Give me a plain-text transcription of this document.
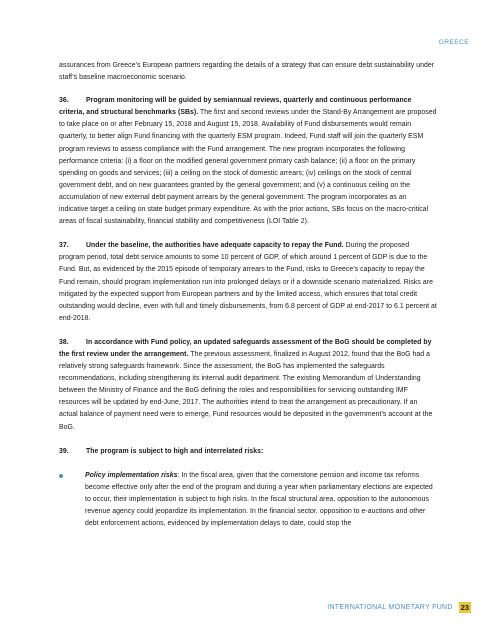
GREECE

assurances from Greece’s European partners regarding the details of a strategy that can ensure debt sustainability under staff’s baseline macroeconomic scenario.

36.	Program monitoring will be guided by semiannual reviews, quarterly and continuous performance criteria, and structural benchmarks (SBs). The first and second reviews under the Stand-By Arrangement are proposed to take place on or after February 15, 2018 and August 15, 2018. Availability of Fund disbursements would remain quarterly, to better align Fund financing with the quarterly ESM program. Indeed, Fund staff will join the quarterly ESM program reviews to assess compliance with the Fund arrangement. The new program incorporates the following performance criteria: (i) a floor on the modified general government primary cash balance; (ii) a floor on the primary spending on goods and services; (iii) a ceiling on the stock of domestic arrears; (iv) ceilings on the stock of central government debt, and on new guarantees granted by the general government; and (v) a continuous ceiling on the accumulation of new external debt payment arrears by the general government. The program incorporates as an indicative target a ceiling on state budget primary expenditure. As with the prior actions, SBs focus on the macro-critical areas of fiscal sustainability, financial stability and competitiveness (LOI Table 2).

37.	Under the baseline, the authorities have adequate capacity to repay the Fund. During the proposed program period, total debt service amounts to some 10 percent of GDP, of which around 1 percent of GDP is due to the Fund. But, as evidenced by the 2015 episode of temporary arrears to the Fund, risks to Greece’s capacity to repay the Fund remain, should program implementation run into prolonged delays or if a downside scenario materialized. Risks are mitigated by the expected support from European partners and by the limited access, which ensures that total credit outstanding would decline, even with full and timely disbursements, from 6.8 percent of GDP at end-2017 to 6.1 percent at end-2018.

38.	In accordance with Fund policy, an updated safeguards assessment of the BoG should be completed by the first review under the arrangement. The previous assessment, finalized in August 2012, found that the BoG had a relatively strong safeguards framework. Since the assessment, the BoG has implemented the safeguards recommendations, including strengthening its internal audit department. The existing Memorandum of Understanding between the Ministry of Finance and the BoG defining the roles and responsibilities for servicing outstanding IMF resources will be updated by end-June, 2017. The authorities intend to treat the arrangement as precautionary. If an actual balance of payment need were to emerge, Fund resources would be deposited in the government’s account at the BoG.

39.	The program is subject to high and interrelated risks:

Policy implementation risks: In the fiscal area, given that the cornerstone pension and income tax reforms become effective only after the end of the program and during a year when parliamentary elections are expected to occur, their implementation is subject to high risks. In the fiscal structural area, opposition to the autonomous revenue agency could jeopardize its implementation. In the financial sector, opposition to e-auctions and other debt enforcement actions, evidenced by implementation delays to date, could stop the
INTERNATIONAL MONETARY FUND 23
